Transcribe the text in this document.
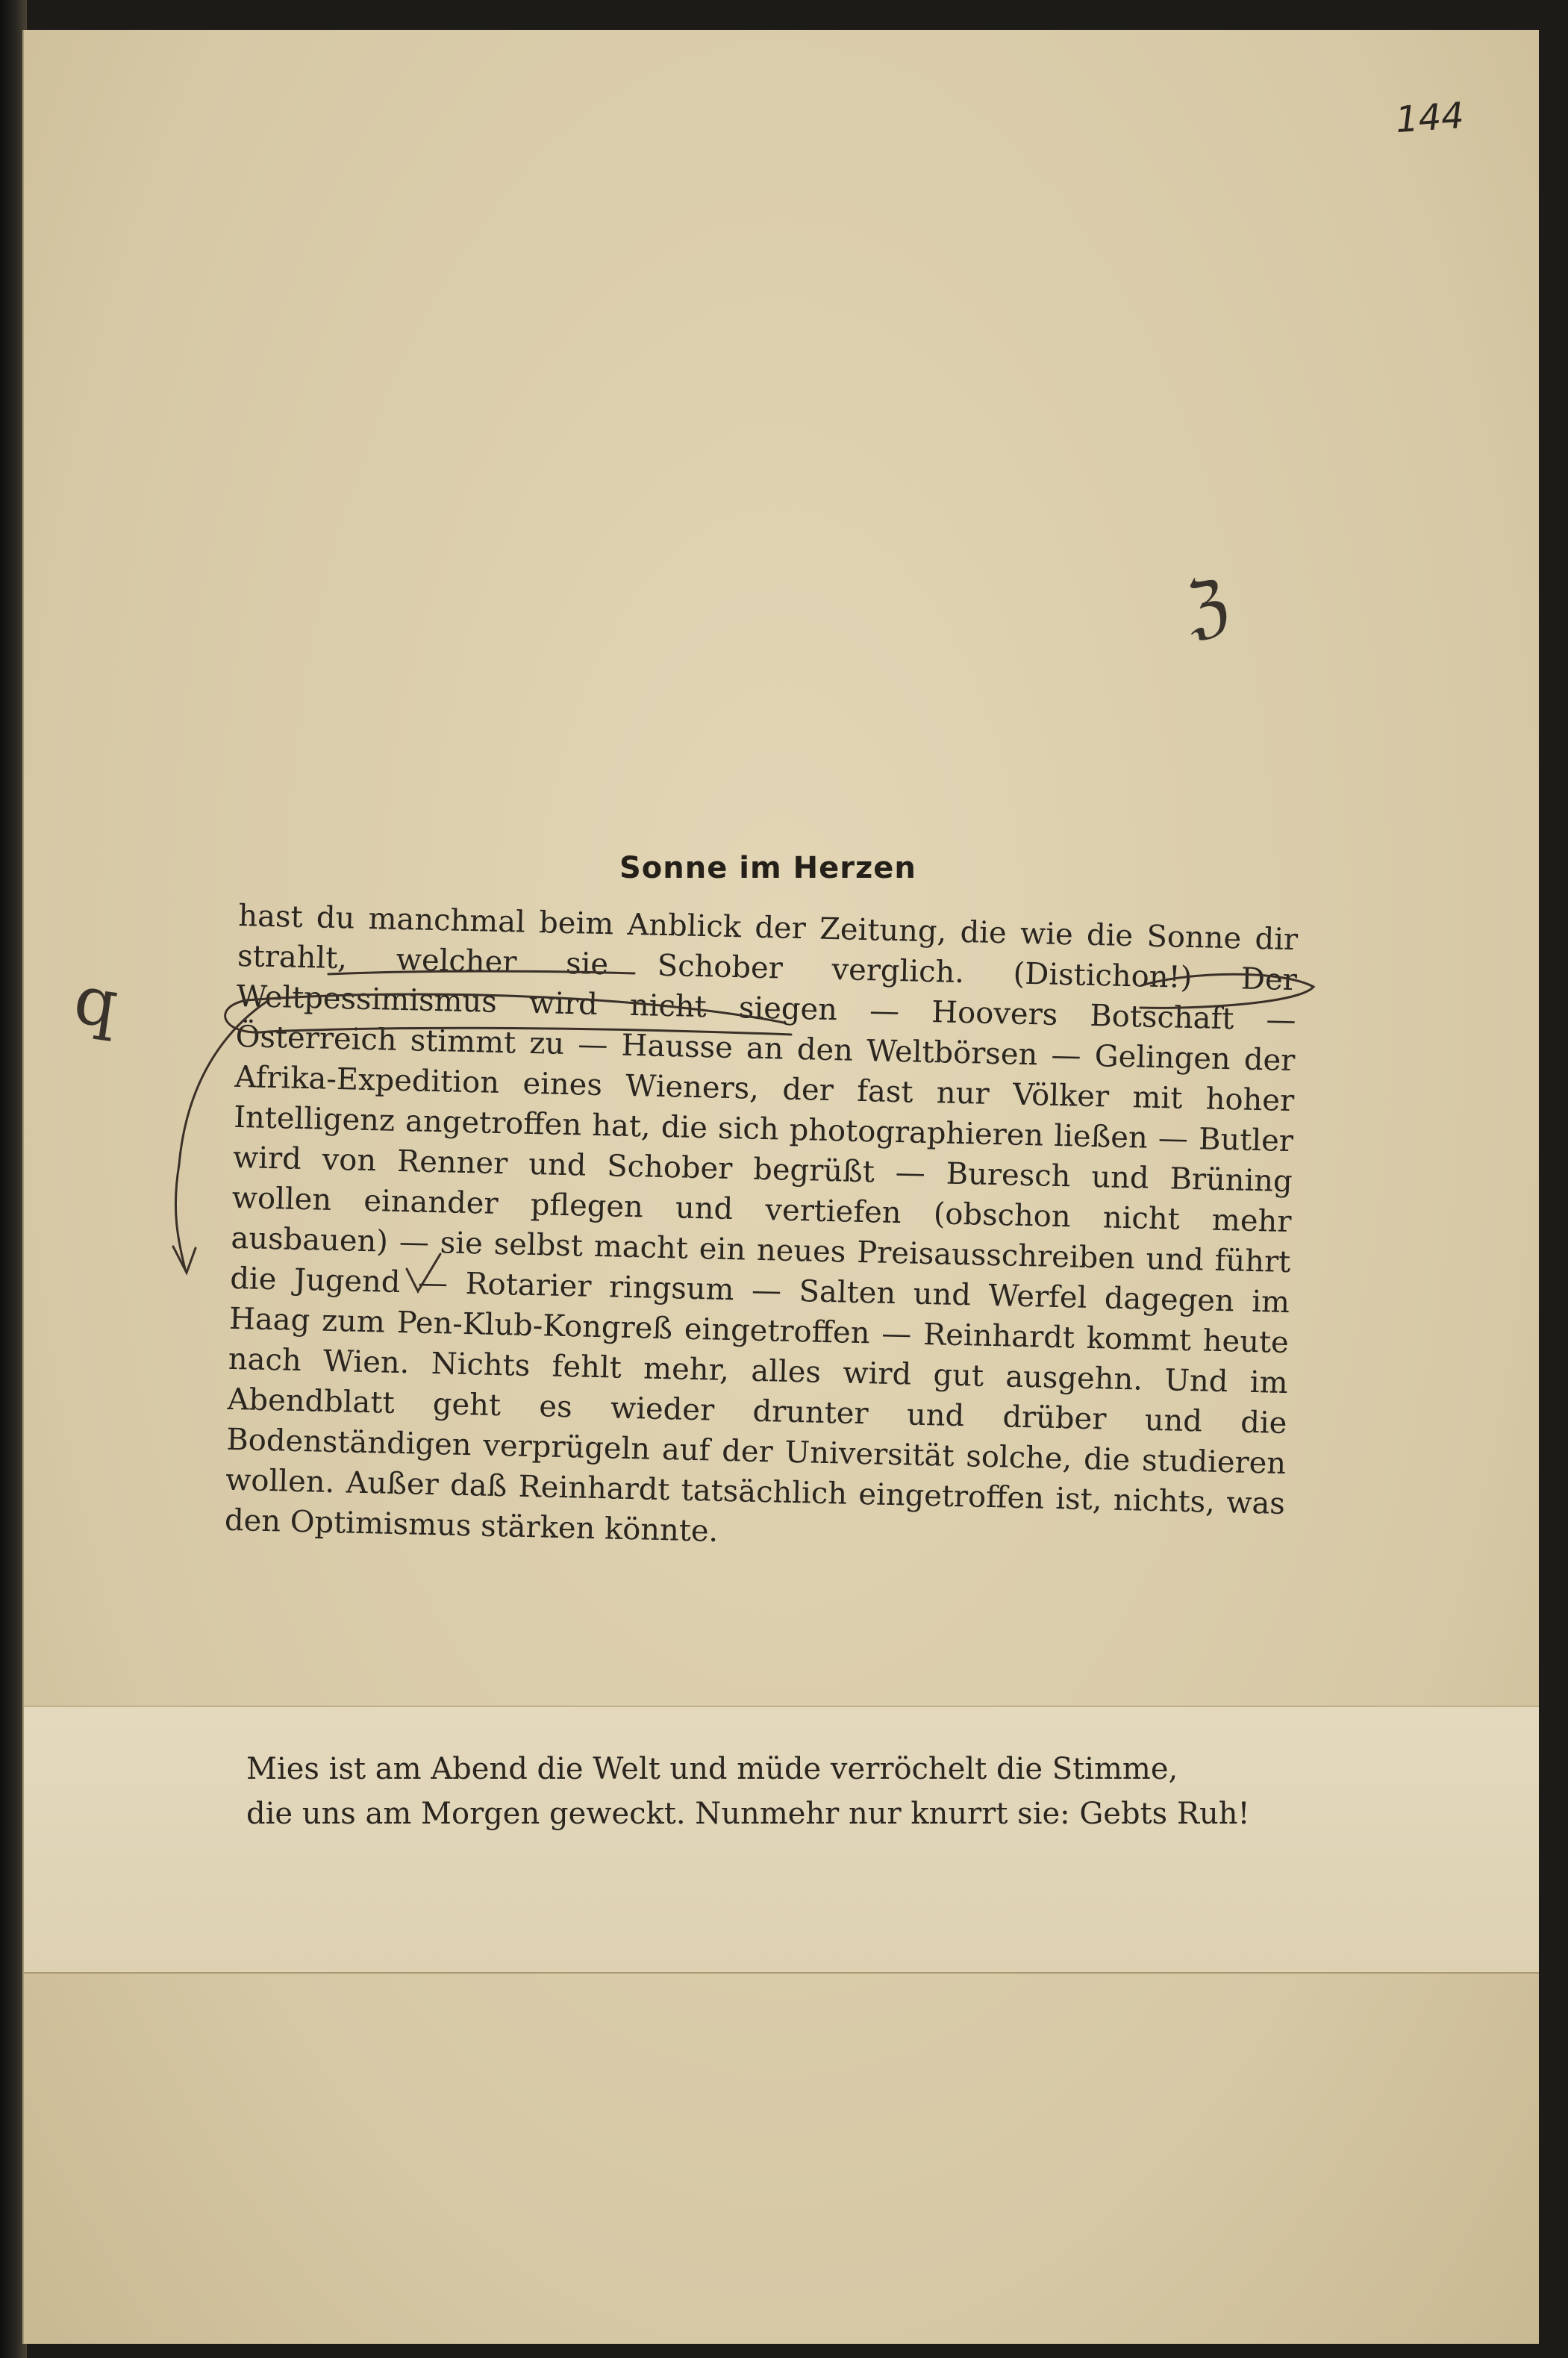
144
ℨ
q
Sonne im Herzen

hast du manchmal beim Anblick der Zeitung, die wie die Sonne dir strahlt, welcher sie Schober verglich. (Distichon!) Der Weltpessimismus wird nicht siegen — Hoovers Botschaft — Österreich stimmt zu — Hausse an den Weltbörsen — Gelingen der Afrika-Expedition eines Wieners, der fast nur Völker mit hoher Intelligenz angetroffen hat, die sich photographieren ließen — Butler wird von Renner und Schober begrüßt — Buresch und Brüning wollen einander pflegen und vertiefen (obschon nicht mehr ausbauen) — sie selbst macht ein neues Preisausschreiben und führt die Jugend — Rotarier ringsum — Salten und Werfel dagegen im Haag zum Pen-Klub-Kongreß eingetroffen — Reinhardt kommt heute nach Wien. Nichts fehlt mehr, alles wird gut ausgehn. Und im Abendblatt geht es wieder drunter und drüber und die Bodenständigen verprügeln auf der Universität solche, die studieren wollen. Außer daß Reinhardt tatsächlich eingetroffen ist, nichts, was den Optimismus stärken könnte.

Mies ist am Abend die Welt und müde verröchelt die Stimme,

die uns am Morgen geweckt. Nunmehr nur knurrt sie: Gebts Ruh!
